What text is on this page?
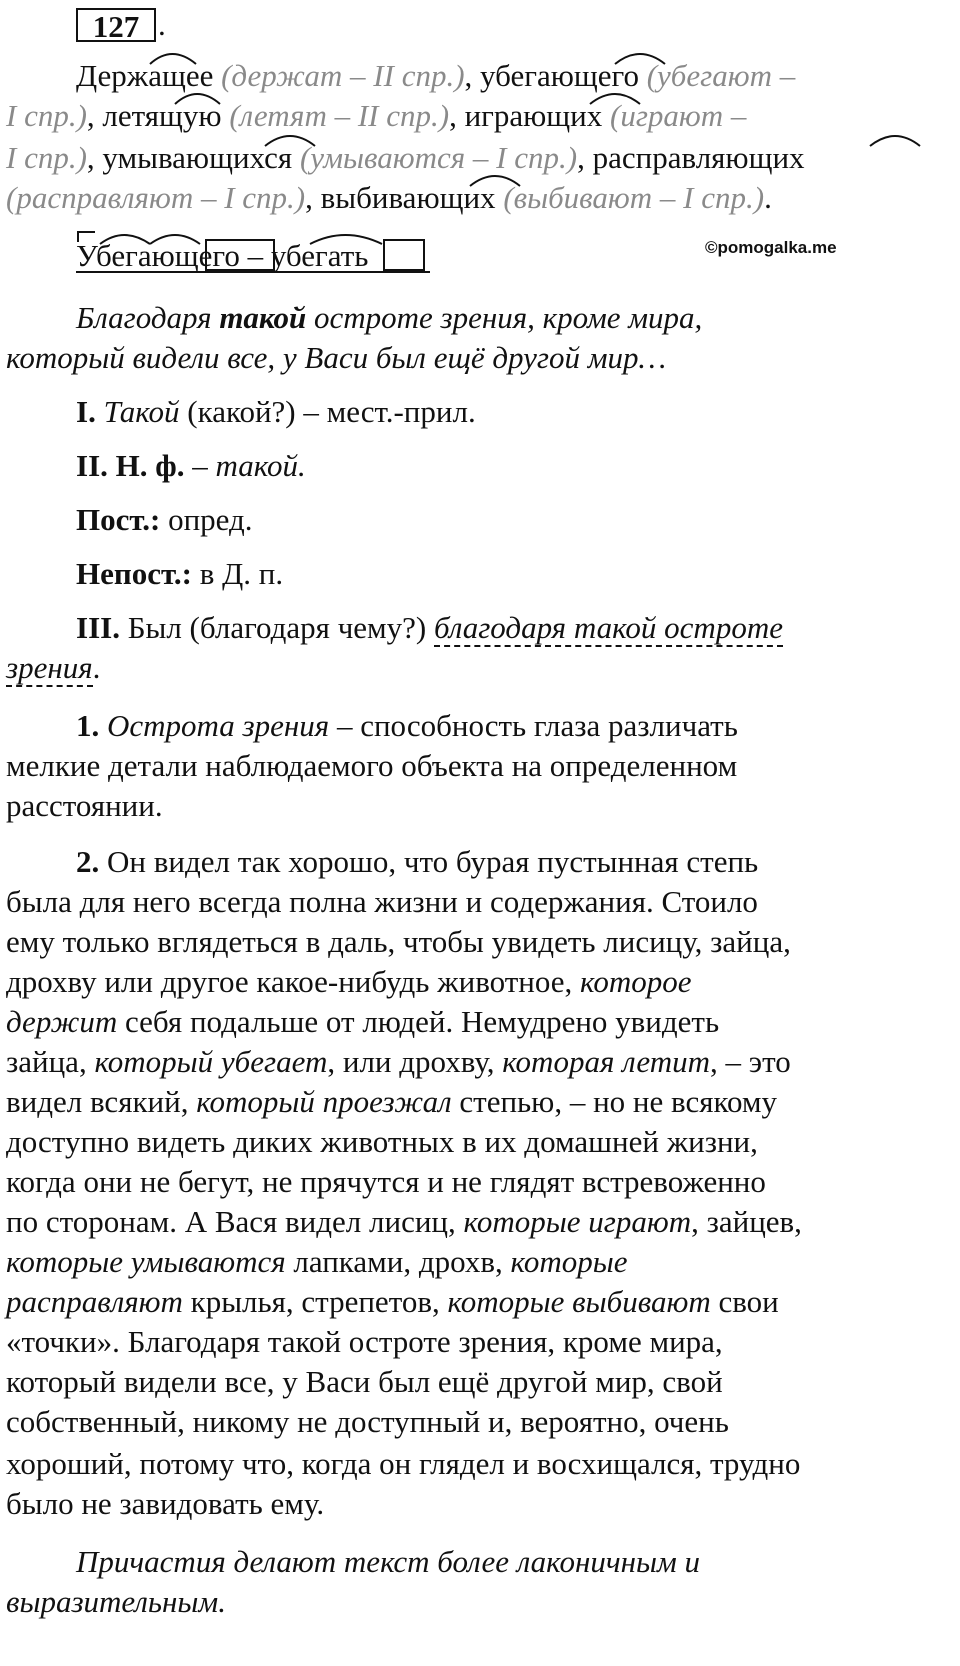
127 .
Держащее (держат – II спр.), убегающего (убегают –
I спр.), летящую (летят – II спр.), играющих (играют –
I спр.), умывающихся (умываются – I спр.), расправляющих
(расправляют – I спр.), выбивающих (выбивают – I спр.).
Убегающего – убегать	©pomogalka.me
Благодаря такой остроте зрения, кроме мира,
который видели все, у Васи был ещё другой мир…
I. Такой (какой?) – мест.-прил.
II. Н. ф. – такой.
Пост.: опред.
Непост.: в Д. п.
III. Был (благодаря чему?) благодаря такой остроте
зрения.
1. Острота зрения – способность глаза различать
мелкие детали наблюдаемого объекта на определенном
расстоянии.
2. Он видел так хорошо, что бурая пустынная степь
была для него всегда полна жизни и содержания. Стоило
ему только вглядеться в даль, чтобы увидеть лисицу, зайца,
дрохву или другое какое-нибудь животное, которое
держит себя подальше от людей. Немудрено увидеть
зайца, который убегает, или дрохву, которая летит, – это
видел всякий, который проезжал степью, – но не всякому
доступно видеть диких животных в их домашней жизни,
когда они не бегут, не прячутся и не глядят встревоженно
по сторонам. А Вася видел лисиц, которые играют, зайцев,
которые умываются лапками, дрохв, которые
расправляют крылья, стрепетов, которые выбивают свои
«точки». Благодаря такой остроте зрения, кроме мира,
который видели все, у Васи был ещё другой мир, свой
собственный, никому не доступный и, вероятно, очень
хороший, потому что, когда он глядел и восхищался, трудно
было не завидовать ему.
Причастия делают текст более лаконичным и
выразительным.
